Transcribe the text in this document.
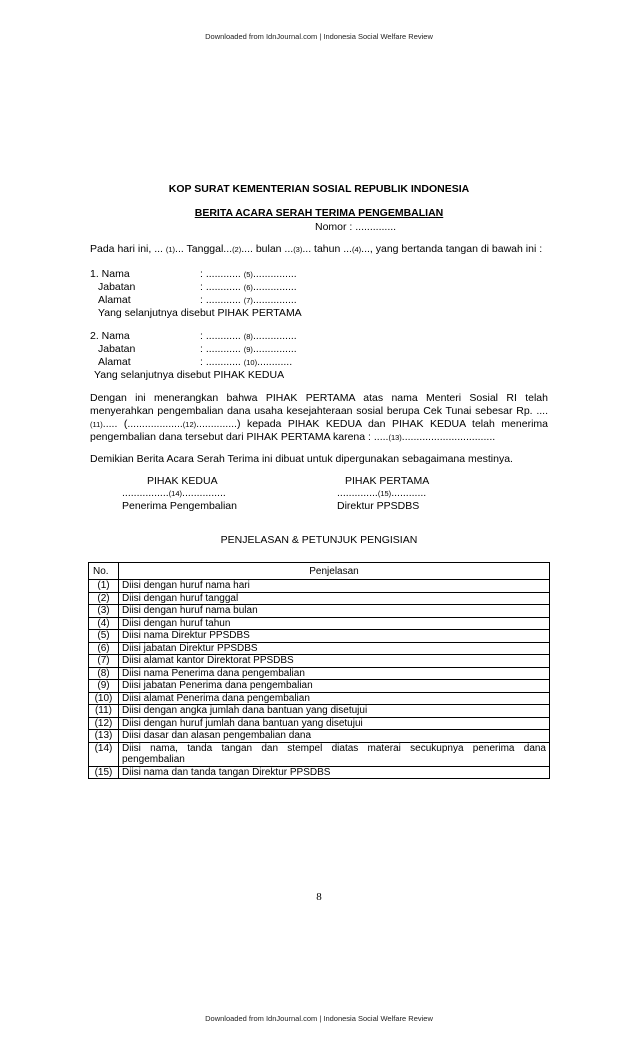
Downloaded from IdnJournal.com | Indonesia Social Welfare Review
KOP SURAT KEMENTERIAN SOSIAL REPUBLIK INDONESIA
BERITA ACARA SERAH TERIMA PENGEMBALIAN
Nomor : ..............
Pada hari ini, ... (1)... Tanggal...(2).... bulan ...(3)... tahun ...(4)..., yang bertanda tangan di bawah ini :
1. Nama	: ............ (5)...............
Jabatan	: ............ (6)...............
Alamat	: ............ (7)...............
Yang selanjutnya disebut PIHAK PERTAMA
2. Nama	: ............ (8)...............
Jabatan	: ............ (9)...............
Alamat	: ............ (10)............
Yang selanjutnya disebut PIHAK KEDUA
Dengan ini menerangkan bahwa PIHAK PERTAMA atas nama Menteri Sosial RI telah menyerahkan pengembalian dana usaha kesejahteraan sosial berupa Cek Tunai sebesar Rp. ....(11)..... (...................(12)..............) kepada PIHAK KEDUA dan PIHAK KEDUA telah menerima pengembalian dana tersebut dari PIHAK PERTAMA karena : .....(13)................................
Demikian Berita Acara Serah Terima ini dibuat untuk dipergunakan sebagaimana mestinya.
PIHAK KEDUA
................(14)...............
Penerima Pengembalian
PIHAK PERTAMA
..............(15)............
Direktur PPSDBS
PENJELASAN & PETUNJUK PENGISIAN
No.	Penjelasan
(1)	Diisi dengan huruf nama hari
(2)	Diisi dengan huruf tanggal
(3)	Diisi dengan huruf nama bulan
(4)	Diisi dengan huruf tahun
(5)	Diisi nama Direktur PPSDBS
(6)	Diisi jabatan Direktur PPSDBS
(7)	Diisi alamat kantor Direktorat PPSDBS
(8)	Diisi nama Penerima dana pengembalian
(9)	Diisi jabatan Penerima dana pengembalian
(10)	Diisi alamat Penerima dana pengembalian
(11)	Diisi dengan angka jumlah dana bantuan yang disetujui
(12)	Diisi dengan huruf jumlah dana bantuan yang disetujui
(13)	Diisi dasar dan alasan pengembalian dana
(14)	Diisi nama, tanda tangan dan stempel diatas materai secukupnya penerima dana pengembalian
(15)	Diisi nama dan tanda tangan Direktur PPSDBS
8
Downloaded from IdnJournal.com | Indonesia Social Welfare Review
